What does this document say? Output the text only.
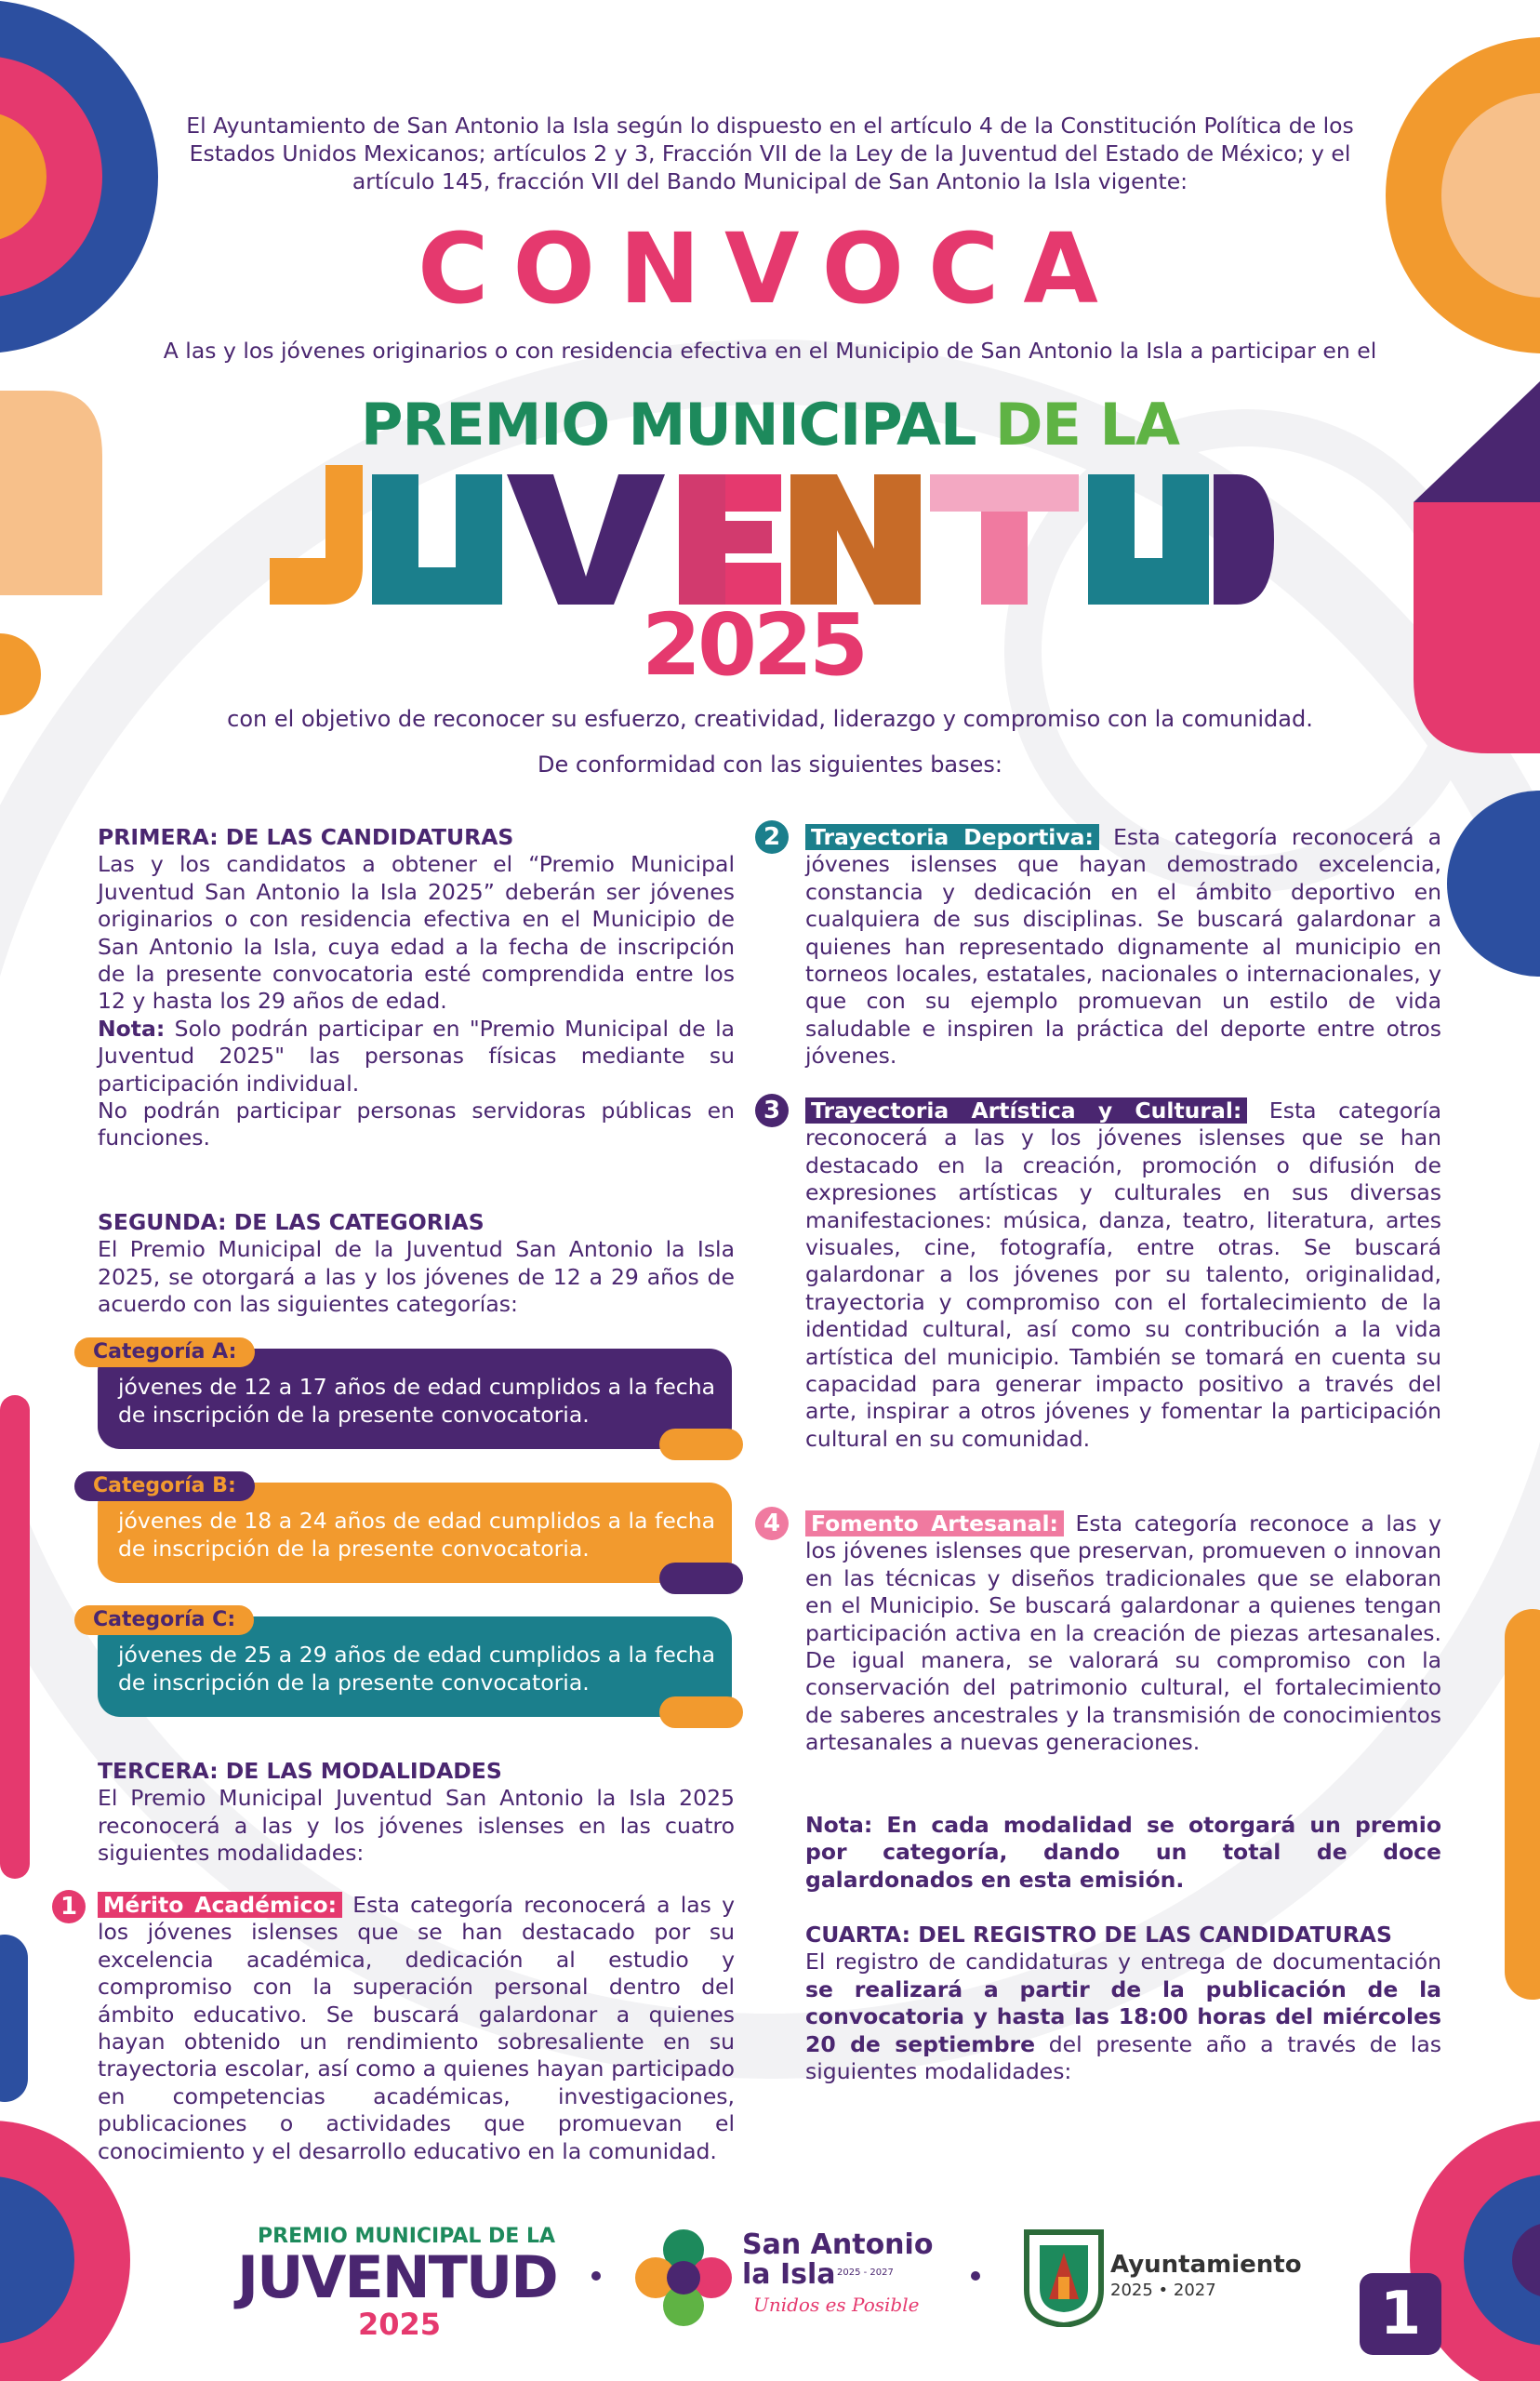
El Ayuntamiento de San Antonio la Isla según lo dispuesto en el artículo 4 de la Constitución Política de los Estados Unidos Mexicanos; artículos 2 y 3, Fracción VII de la Ley de la Juventud del Estado de México; y el artículo 145, fracción VII del Bando Municipal de San Antonio la Isla vigente:
CONVOCA
A las y los jóvenes originarios o con residencia efectiva en el Municipio de San Antonio la Isla a participar en el
PREMIO MUNICIPAL DE LA
2025
con el objetivo de reconocer su esfuerzo, creatividad, liderazgo y compromiso con la comunidad.
De conformidad con las siguientes bases:
PRIMERA: DE LAS CANDIDATURAS
Las y los candidatos a obtener el “Premio Municipal Juventud San Antonio la Isla 2025” deberán ser jóvenes originarios o con residencia efectiva en el Municipio de San Antonio la Isla, cuya edad a la fecha de inscripción de la presente convocatoria esté comprendida entre los 12 y hasta los 29 años de edad.
Nota: Solo podrán participar en "Premio Municipal de la Juventud 2025" las personas físicas mediante su participación individual.
No podrán participar personas servidoras públicas en funciones.
SEGUNDA: DE LAS CATEGORIAS
El Premio Municipal de la Juventud San Antonio la Isla 2025, se otorgará a las y los jóvenes de 12 a 29 años de acuerdo con las siguientes categorías:
jóvenes de 12 a 17 años de edad cumplidos a la fecha de inscripción de la presente convocatoria.
Categoría A:
jóvenes de 18 a 24 años de edad cumplidos a la fecha de inscripción de la presente convocatoria.
Categoría B:
jóvenes de 25 a 29 años de edad cumplidos a la fecha de inscripción de la presente convocatoria.
Categoría C:
TERCERA: DE LAS MODALIDADES
El Premio Municipal Juventud San Antonio la Isla 2025 reconocerá a las y los jóvenes islenses en las cuatro siguientes modalidades:
1	Mérito Académico: Esta categoría reconocerá a las y los jóvenes islenses que se han destacado por su excelencia académica, dedicación al estudio y compromiso con la superación personal dentro del ámbito educativo. Se buscará galardonar a quienes hayan obtenido un rendimiento sobresaliente en su trayectoria escolar, así como a quienes hayan participado en competencias académicas, investigaciones, publicaciones o actividades que promuevan el conocimiento y el desarrollo educativo en la comunidad.
2	Trayectoria Deportiva: Esta categoría reconocerá a jóvenes islenses que hayan demostrado excelencia, constancia y dedicación en el ámbito deportivo en cualquiera de sus disciplinas. Se buscará galardonar a quienes han representado dignamente al municipio en torneos locales, estatales, nacionales o internacionales, y que con su ejemplo promuevan un estilo de vida saludable e inspiren la práctica del deporte entre otros jóvenes.
3	Trayectoria Artística y Cultural: Esta categoría reconocerá a las y los jóvenes islenses que se han destacado en la creación, promoción o difusión de expresiones artísticas y culturales en sus diversas manifestaciones: música, danza, teatro, literatura, artes visuales, cine, fotografía, entre otras. Se buscará galardonar a los jóvenes por su talento, originalidad, trayectoria y compromiso con el fortalecimiento de la identidad cultural, así como su contribución a la vida artística del municipio. También se tomará en cuenta su capacidad para generar impacto positivo a través del arte, inspirar a otros jóvenes y fomentar la participación cultural en su comunidad.
4	Fomento Artesanal: Esta categoría reconoce a las y los jóvenes islenses que preservan, promueven o innovan en las técnicas y diseños tradicionales que se elaboran en el Municipio. Se buscará galardonar a quienes tengan participación activa en la creación de piezas artesanales. De igual manera, se valorará su compromiso con la conservación del patrimonio cultural, el fortalecimiento de saberes ancestrales y la transmisión de conocimientos artesanales a nuevas generaciones.
Nota: En cada modalidad se otorgará un premio por categoría, dando un total de doce galardonados en esta emisión.
CUARTA: DEL REGISTRO DE LAS CANDIDATURAS
El registro de candidaturas y entrega de documentación se realizará a partir de la publicación de la convocatoria y hasta las 18:00 horas del miércoles 20 de septiembre del presente año a través de las siguientes modalidades:
PREMIO MUNICIPAL DE LA
JUVENTUD
2025
San Antonio
la Isla 2025 - 2027
Unidos es Posible
Ayuntamiento
2025 • 2027	1
